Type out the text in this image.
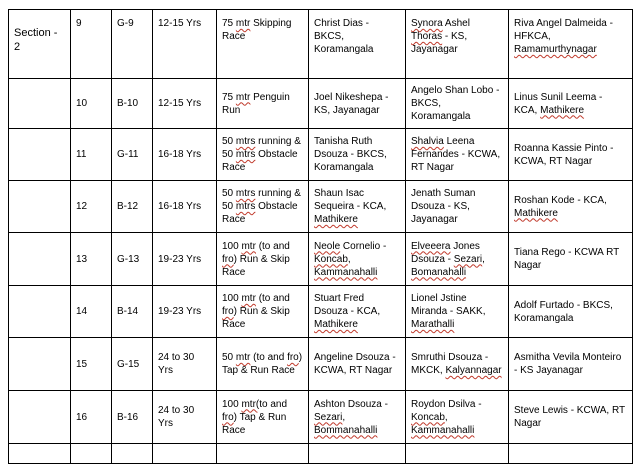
Section - 2	9	G-9	12-15 Yrs	75 mtr Skipping Race	Christ Dias - BKCS, Koramangala	Synora Ashel Thoras - KS, Jayanagar	Riva Angel Dalmeida - HFKCA, Ramamurthynagar
	10	B-10	12-15 Yrs	75 mtr Penguin Run	Joel Nikeshepa - KS, Jayanagar	Angelo Shan Lobo - BKCS, Koramangala	Linus Sunil Leema - KCA, Mathikere
	11	G-11	16-18 Yrs	50 mtrs running & 50 mtrs Obstacle Race	Tanisha Ruth Dsouza - BKCS, Koramangala	Shalvia Leena Fernandes - KCWA, RT Nagar	Roanna Kassie Pinto - KCWA, RT Nagar
	12	B-12	16-18 Yrs	50 mtrs running & 50 mtrs Obstacle Race	Shaun Isac Sequeira - KCA, Mathikere	Jenath Suman Dsouza - KS, Jayanagar	Roshan Kode - KCA, Mathikere
	13	G-13	19-23 Yrs	100 mtr (to and fro) Run & Skip Race	Neole Cornelio - Koncab, Kammanahalli	Elveeera Jones Dsouza - Sezari, Bomanahalli	Tiana Rego - KCWA RT Nagar
	14	B-14	19-23 Yrs	100 mtr (to and fro) Run & Skip Race	Stuart Fred Dsouza - KCA, Mathikere	Lionel Jstine Miranda - SAKK, Marathalli	Adolf Furtado - BKCS, Koramangala
	15	G-15	24 to 30 Yrs	50 mtr (to and fro) Tap & Run Race	Angeline Dsouza - KCWA, RT Nagar	Smruthi Dsouza - MKCK, Kalyannagar	Asmitha Vevila Monteiro - KS Jayanagar
	16	B-16	24 to 30 Yrs	100 mtr(to and fro) Tap & Run Race	Ashton Dsouza - Sezari, Bommanahalli	Roydon Dsilva - Koncab, Kammanahalli	Steve Lewis - KCWA, RT Nagar
